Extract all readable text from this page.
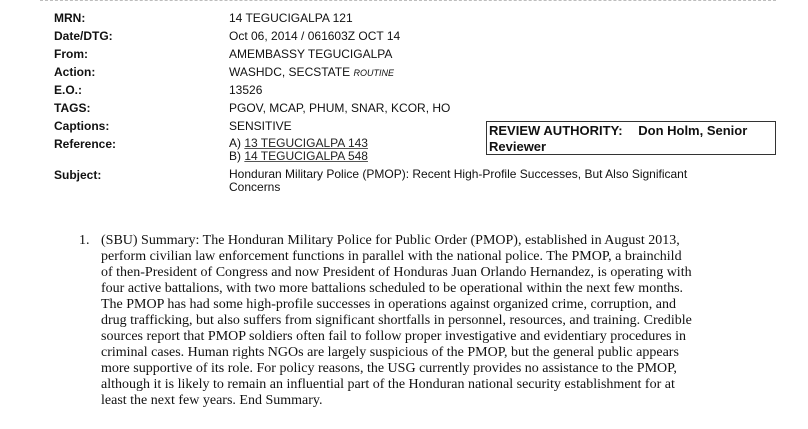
MRN:	14 TEGUCIGALPA 121
Date/DTG:	Oct 06, 2014 / 061603Z OCT 14
From:	AMEMBASSY TEGUCIGALPA
Action:	WASHDC, SECSTATE ROUTINE
E.O.:	13526
TAGS:	PGOV, MCAP, PHUM, SNAR, KCOR, HO
Captions:	SENSITIVE
Reference:	A) 13 TEGUCIGALPA 143
B) 14 TEGUCIGALPA 548
Subject:	Honduran Military Police (PMOP): Recent High-Profile Successes, But Also Significant Concerns
REVIEW AUTHORITY: Don Holm, Senior
Reviewer
1. (SBU) Summary: The Honduran Military Police for Public Order (PMOP), established in August 2013,
perform civilian law enforcement functions in parallel with the national police. The PMOP, a brainchild
of then-President of Congress and now President of Honduras Juan Orlando Hernandez, is operating with
four active battalions, with two more battalions scheduled to be operational within the next few months.
The PMOP has had some high-profile successes in operations against organized crime, corruption, and
drug trafficking, but also suffers from significant shortfalls in personnel, resources, and training. Credible
sources report that PMOP soldiers often fail to follow proper investigative and evidentiary procedures in
criminal cases. Human rights NGOs are largely suspicious of the PMOP, but the general public appears
more supportive of its role. For policy reasons, the USG currently provides no assistance to the PMOP,
although it is likely to remain an influential part of the Honduran national security establishment for at
least the next few years. End Summary.
